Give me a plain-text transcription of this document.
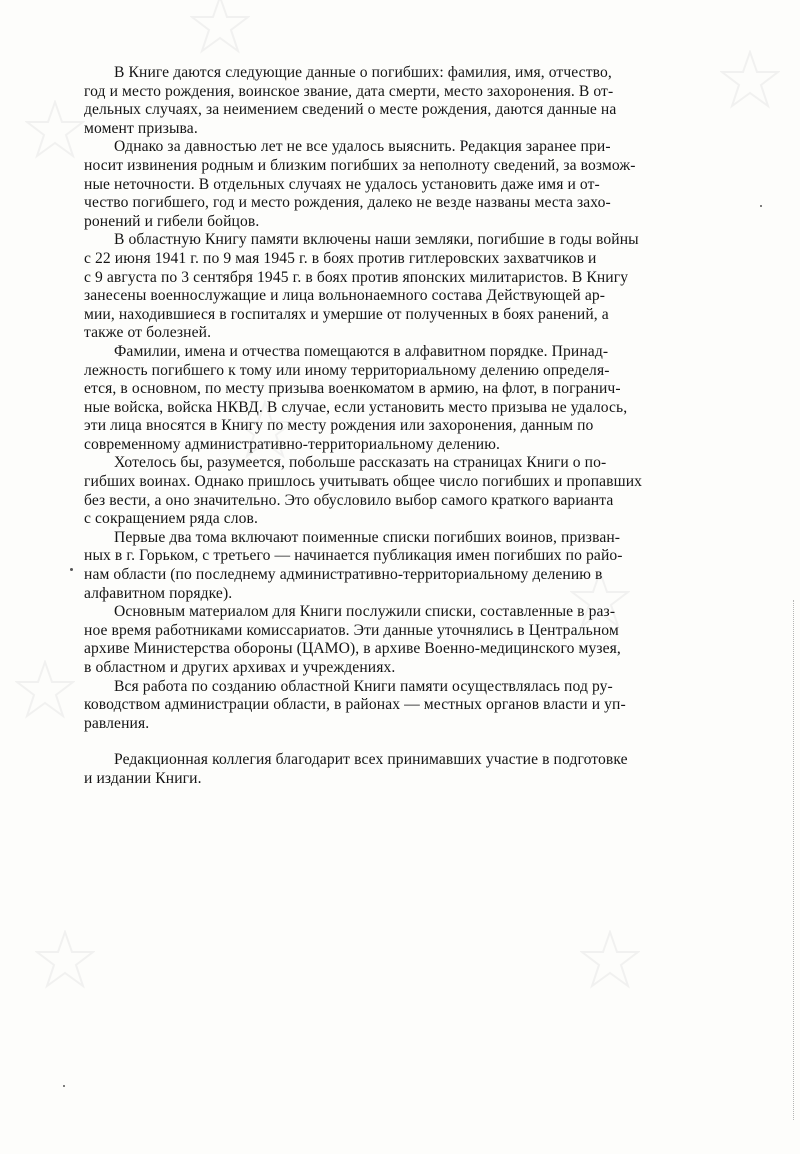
В Книге даются следующие данные о погибших: фамилия, имя, отчество,
год и место рождения, воинское звание, дата смерти, место захоронения. В от-
дельных случаях, за неимением сведений о месте рождения, даются данные на
момент призыва.

Однако за давностью лет не все удалось выяснить. Редакция заранее при-
носит извинения родным и близким погибших за неполноту сведений, за возмож-
ные неточности. В отдельных случаях не удалось установить даже имя и от-
чество погибшего, год и место рождения, далеко не везде названы места захо-
ронений и гибели бойцов.

В областную Книгу памяти включены наши земляки, погибшие в годы войны
с 22 июня 1941 г. по 9 мая 1945 г. в боях против гитлеровских захватчиков и
с 9 августа по 3 сентября 1945 г. в боях против японских милитаристов. В Книгу
занесены военнослужащие и лица вольнонаемного состава Действующей ар-
мии, находившиеся в госпиталях и умершие от полученных в боях ранений, а
также от болезней.

Фамилии, имена и отчества помещаются в алфавитном порядке. Принад-
лежность погибшего к тому или иному территориальному делению определя-
ется, в основном, по месту призыва военкоматом в армию, на флот, в погранич-
ные войска, войска НКВД. В случае, если установить место призыва не удалось,
эти лица вносятся в Книгу по месту рождения или захоронения, данным по
современному административно-территориальному делению.

Хотелось бы, разумеется, побольше рассказать на страницах Книги о по-
гибших воинах. Однако пришлось учитывать общее число погибших и пропавших
без вести, а оно значительно. Это обусловило выбор самого краткого варианта
с сокращением ряда слов.

Первые два тома включают поименные списки погибших воинов, призван-
ных в г. Горьком, с третьего — начинается публикация имен погибших по райо-
нам области (по последнему административно-территориальному делению в
алфавитном порядке).

Основным материалом для Книги послужили списки, составленные в раз-
ное время работниками комиссариатов. Эти данные уточнялись в Центральном
архиве Министерства обороны (ЦАМО), в архиве Военно-медицинского музея,
в областном и других архивах и учреждениях.

Вся работа по созданию областной Книги памяти осуществлялась под ру-
ководством администрации области, в районах — местных органов власти и уп-
равления.

Редакционная коллегия благодарит всех принимавших участие в подготовке
и издании Книги.
